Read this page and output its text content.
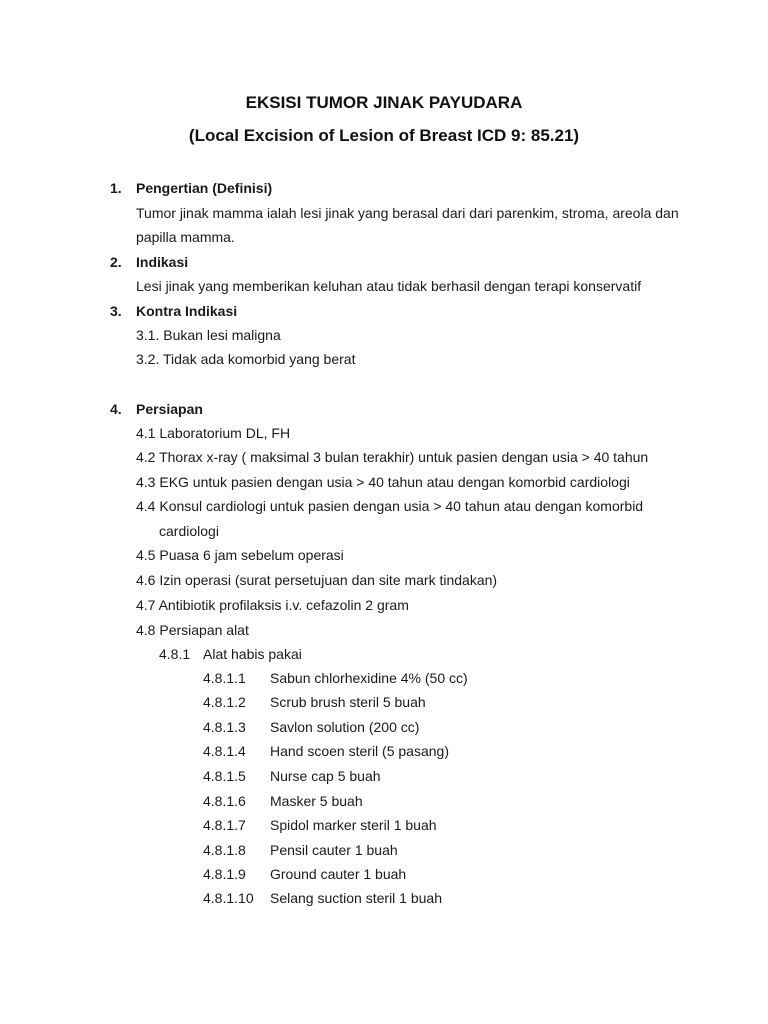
EKSISI TUMOR JINAK PAYUDARA
(Local Excision of Lesion of Breast ICD 9: 85.21)
1. Pengertian (Definisi)
Tumor jinak mamma ialah lesi jinak yang berasal dari dari parenkim, stroma, areola dan
papilla mamma.
2. Indikasi
Lesi jinak yang memberikan keluhan atau tidak berhasil dengan terapi konservatif
3. Kontra Indikasi
3.1. Bukan lesi maligna
3.2. Tidak ada komorbid yang berat
4. Persiapan
4.1 Laboratorium DL, FH
4.2 Thorax x-ray ( maksimal 3 bulan terakhir) untuk pasien dengan usia > 40 tahun
4.3 EKG untuk pasien dengan usia > 40 tahun atau dengan komorbid cardiologi
4.4 Konsul cardiologi untuk pasien dengan usia > 40 tahun atau dengan komorbid
cardiologi
4.5 Puasa 6 jam sebelum operasi
4.6 Izin operasi (surat persetujuan dan site mark tindakan)
4.7 Antibiotik profilaksis i.v. cefazolin 2 gram
4.8 Persiapan alat
4.8.1 Alat habis pakai
4.8.1.1 Sabun chlorhexidine 4% (50 cc)
4.8.1.2 Scrub brush steril 5 buah
4.8.1.3 Savlon solution (200 cc)
4.8.1.4 Hand scoen steril (5 pasang)
4.8.1.5 Nurse cap 5 buah
4.8.1.6 Masker 5 buah
4.8.1.7 Spidol marker steril 1 buah
4.8.1.8 Pensil cauter 1 buah
4.8.1.9 Ground cauter 1 buah
4.8.1.10 Selang suction steril 1 buah
